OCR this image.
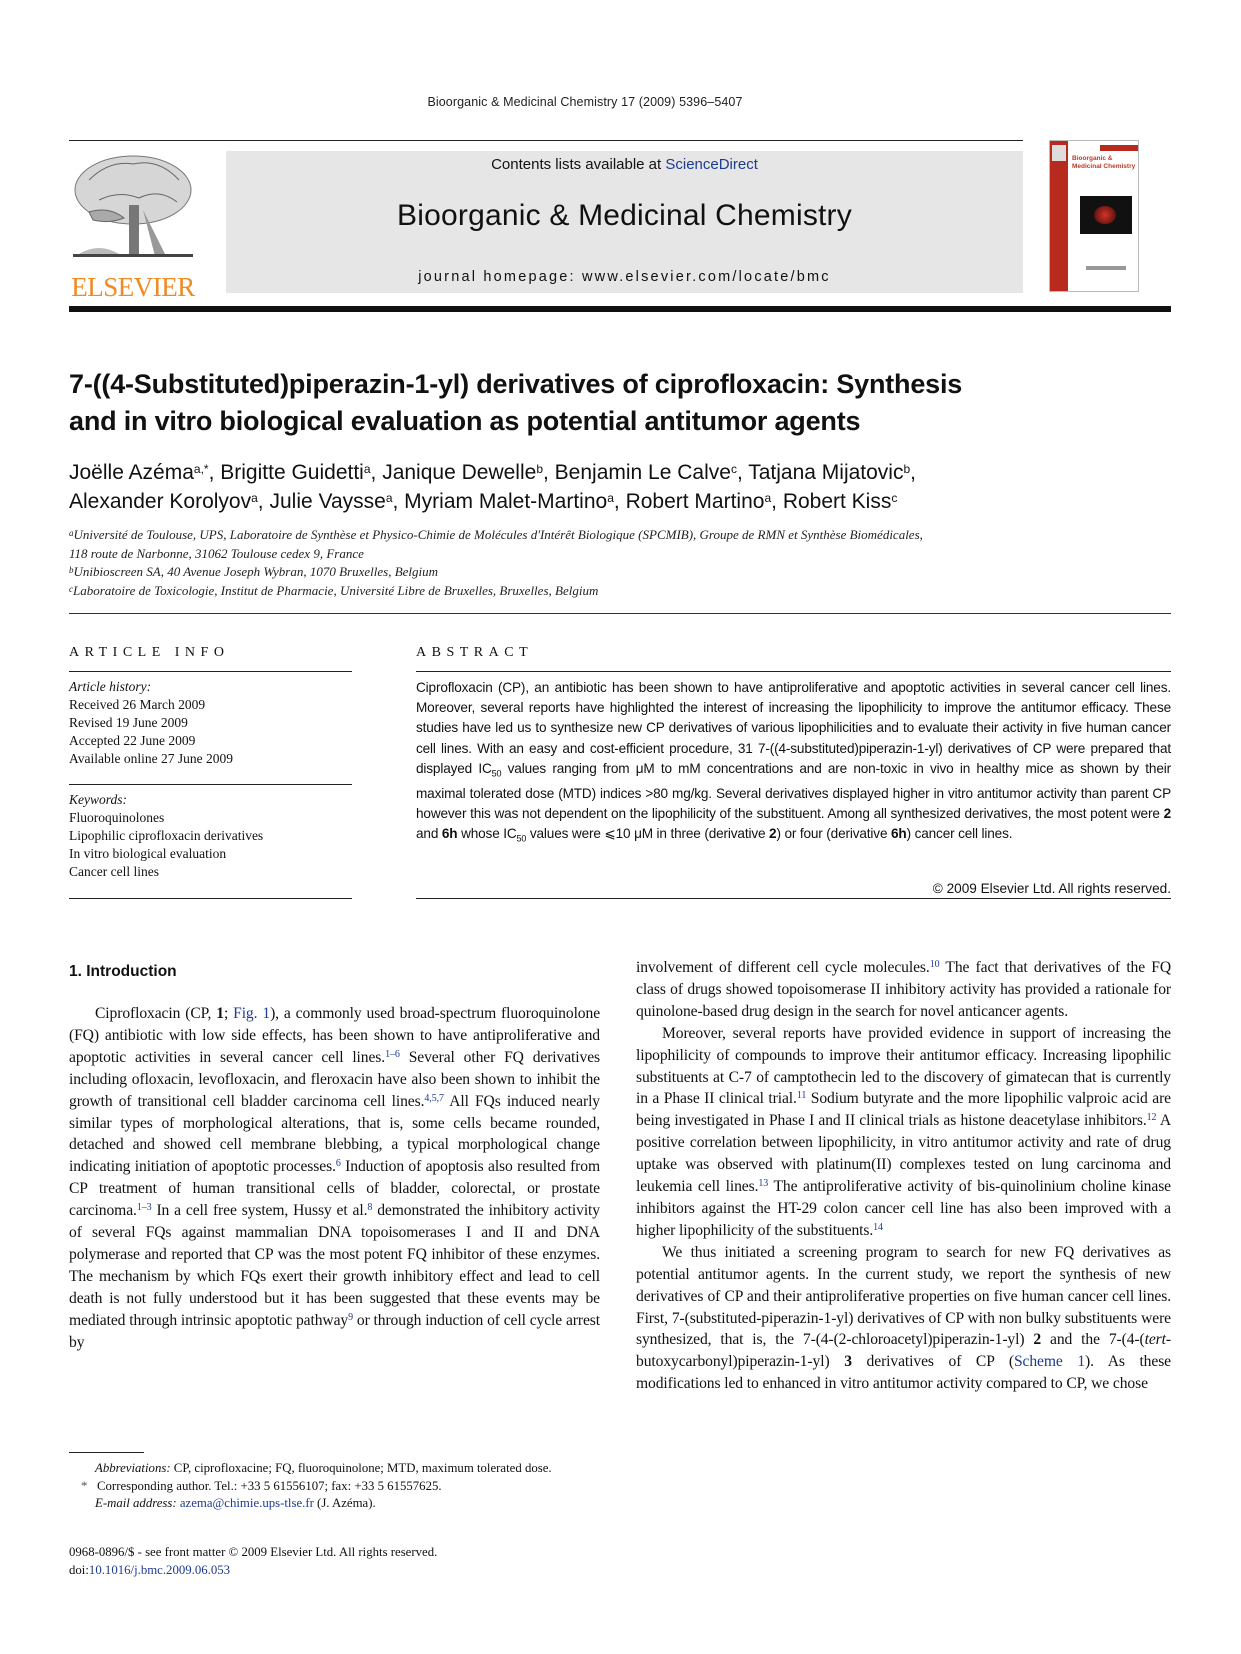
Bioorganic & Medicinal Chemistry 17 (2009) 5396–5407
ELSEVIER
Contents lists available at ScienceDirect
Bioorganic & Medicinal Chemistry
journal homepage: www.elsevier.com/locate/bmc
Bioorganic & Medicinal Chemistry
7-((4-Substituted)piperazin-1-yl) derivatives of ciprofloxacin: Synthesis
and in vitro biological evaluation as potential antitumor agents
Joëlle Azéma$^{a,*}$, Brigitte Guidetti$^a$, Janique Dewelle$^b$, Benjamin Le Calve$^c$, Tatjana Mijatovic$^b$,
Alexander Korolyov$^a$, Julie Vaysse$^a$, Myriam Malet-Martino$^a$, Robert Martino$^a$, Robert Kiss$^c$
$^a$Université de Toulouse, UPS, Laboratoire de Synthèse et Physico-Chimie de Molécules d'Intérêt Biologique (SPCMIB), Groupe de RMN et Synthèse Biomédicales,
118 route de Narbonne, 31062 Toulouse cedex 9, France
$^b$Unibioscreen SA, 40 Avenue Joseph Wybran, 1070 Bruxelles, Belgium
$^c$Laboratoire de Toxicologie, Institut de Pharmacie, Université Libre de Bruxelles, Bruxelles, Belgium
ARTICLE INFO
Article history:
Received 26 March 2009
Revised 19 June 2009
Accepted 22 June 2009
Available online 27 June 2009
Keywords:
Fluoroquinolones
Lipophilic ciprofloxacin derivatives
In vitro biological evaluation
Cancer cell lines
ABSTRACT
Ciprofloxacin (CP), an antibiotic has been shown to have antiproliferative and apoptotic activities in several cancer cell lines. Moreover, several reports have highlighted the interest of increasing the lipophilicity to improve the antitumor efficacy. These studies have led us to synthesize new CP derivatives of various lipophilicities and to evaluate their activity in five human cancer cell lines. With an easy and cost-efficient procedure, 31 7-((4-substituted)piperazin-1-yl) derivatives of CP were prepared that displayed $IC_{50}$ values ranging from μM to mM concentrations and are non-toxic in vivo in healthy mice as shown by their maximal tolerated dose (MTD) indices >80 mg/kg. Several derivatives displayed higher in vitro antitumor activity than parent CP however this was not dependent on the lipophilicity of the substituent. Among all synthesized derivatives, the most potent were 2 and 6h whose $IC_{50}$ values were ⩽10 μM in three (derivative 2) or four (derivative 6h) cancer cell lines.
© 2009 Elsevier Ltd. All rights reserved.
1. Introduction

Ciprofloxacin (CP, 1; Fig. 1), a commonly used broad-spectrum fluoroquinolone (FQ) antibiotic with low side effects, has been shown to have antiproliferative and apoptotic activities in several cancer cell lines.$^{1-6}$ Several other FQ derivatives including ofloxacin, levofloxacin, and fleroxacin have also been shown to inhibit the growth of transitional cell bladder carcinoma cell lines.$^{4,5,7}$ All FQs induced nearly similar types of morphological alterations, that is, some cells became rounded, detached and showed cell membrane blebbing, a typical morphological change indicating initiation of apoptotic processes.$^6$ Induction of apoptosis also resulted from CP treatment of human transitional cells of bladder, colorectal, or prostate carcinoma.$^{1-3}$ In a cell free system, Hussy et al.$^8$ demonstrated the inhibitory activity of several FQs against mammalian DNA topoisomerases I and II and DNA polymerase and reported that CP was the most potent FQ inhibitor of these enzymes. The mechanism by which FQs exert their growth inhibitory effect and lead to cell death is not fully understood but it has been suggested that these events may be mediated through intrinsic apoptotic pathway$^9$ or through induction of cell cycle arrest by

involvement of different cell cycle molecules.$^{10}$ The fact that derivatives of the FQ class of drugs showed topoisomerase II inhibitory activity has provided a rationale for quinolone-based drug design in the search for novel anticancer agents.

Moreover, several reports have provided evidence in support of increasing the lipophilicity of compounds to improve their antitumor efficacy. Increasing lipophilic substituents at C-7 of camptothecin led to the discovery of gimatecan that is currently in a Phase II clinical trial.$^{11}$ Sodium butyrate and the more lipophilic valproic acid are being investigated in Phase I and II clinical trials as histone deacetylase inhibitors.$^{12}$ A positive correlation between lipophilicity, in vitro antitumor activity and rate of drug uptake was observed with platinum(II) complexes tested on lung carcinoma and leukemia cell lines.$^{13}$ The antiproliferative activity of bis-quinolinium choline kinase inhibitors against the HT-29 colon cancer cell line has also been improved with a higher lipophilicity of the substituents.$^{14}$

We thus initiated a screening program to search for new FQ derivatives as potential antitumor agents. In the current study, we report the synthesis of new derivatives of CP and their antiproliferative properties on five human cancer cell lines. First, 7-(substituted-piperazin-1-yl) derivatives of CP with non bulky substituents were synthesized, that is, the 7-(4-(2-chloroacetyl)piperazin-1-yl) 2 and the 7-(4-(tert-butoxycarbonyl)piperazin-1-yl) 3 derivatives of CP (Scheme 1). As these modifications led to enhanced in vitro antitumor activity compared to CP, we chose

Abbreviations: CP, ciprofloxacine; FQ, fluoroquinolone; MTD, maximum tolerated dose.
* Corresponding author. Tel.: +33 5 61556107; fax: +33 5 61557625.
E-mail address: azema@chimie.ups-tlse.fr (J. Azéma).
0968-0896/$ - see front matter © 2009 Elsevier Ltd. All rights reserved.
doi:10.1016/j.bmc.2009.06.053
